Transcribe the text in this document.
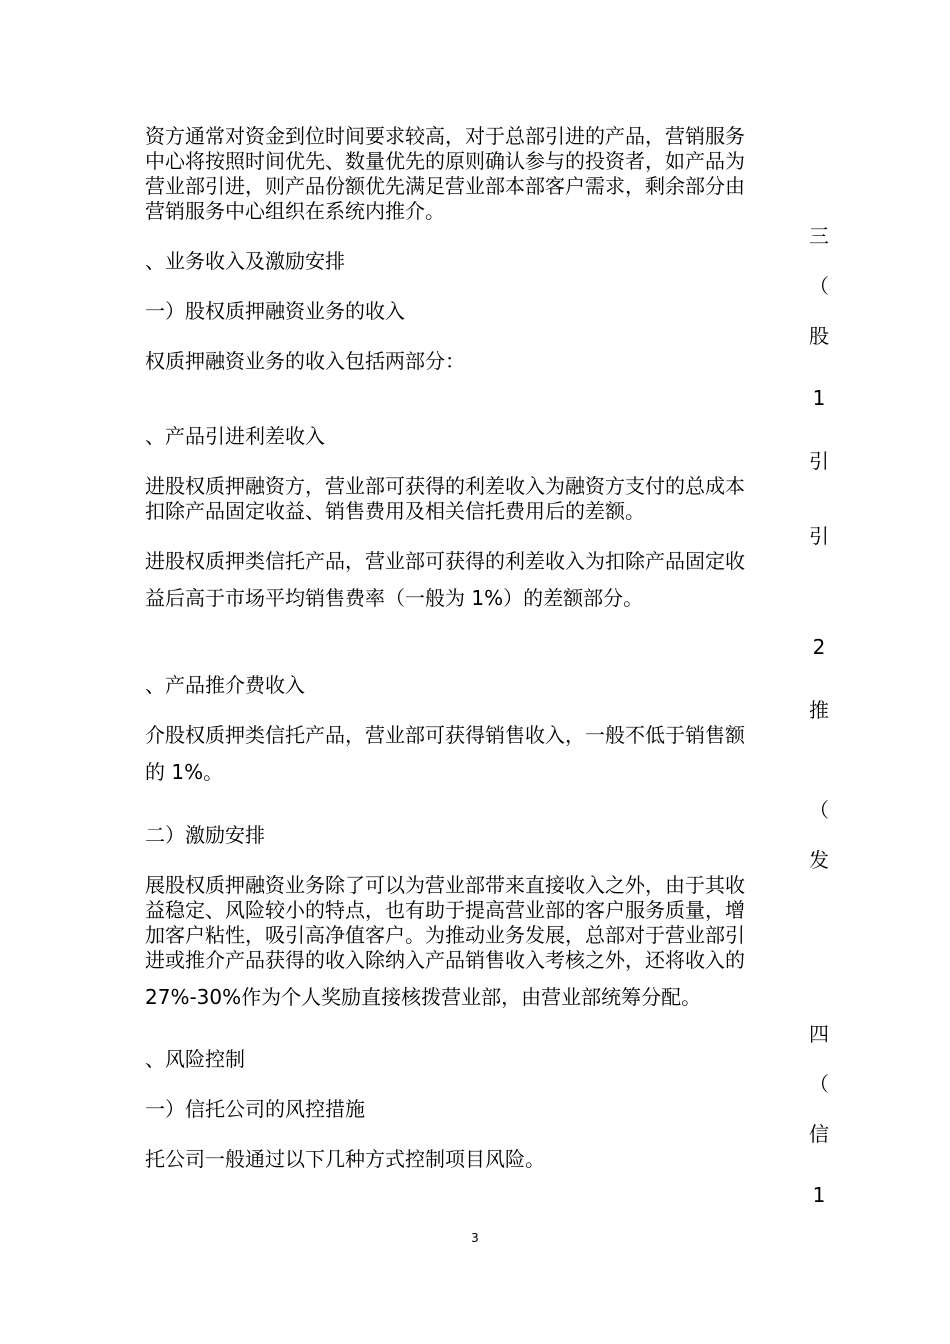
资方通常对资金到位时间要求较高，对于总部引进的产品，营销服务
中心将按照时间优先、数量优先的原则确认参与的投资者，如产品为
营业部引进，则产品份额优先满足营业部本部客户需求，剩余部分由
营销服务中心组织在系统内推介。
、业务收入及激励安排
一）股权质押融资业务的收入
权质押融资业务的收入包括两部分：
、产品引进利差收入
进股权质押融资方，营业部可获得的利差收入为融资方支付的总成本
扣除产品固定收益、销售费用及相关信托费用后的差额。
进股权质押类信托产品，营业部可获得的利差收入为扣除产品固定收
益后高于市场平均销售费率（一般为 1%）的差额部分。
、产品推介费收入
介股权质押类信托产品，营业部可获得销售收入，一般不低于销售额
的 1%。
二）激励安排
展股权质押融资业务除了可以为营业部带来直接收入之外，由于其收
益稳定、风险较小的特点，也有助于提高营业部的客户服务质量，增
加客户粘性，吸引高净值客户。为推动业务发展，总部对于营业部引
进或推介产品获得的收入除纳入产品销售收入考核之外，还将收入的
27%-30%作为个人奖励直接核拨营业部，由营业部统筹分配。
、风险控制
一）信托公司的风控措施
托公司一般通过以下几种方式控制项目风险。
三
（
股
1
引
引
2
推
（
发
四
（
信
1
3
